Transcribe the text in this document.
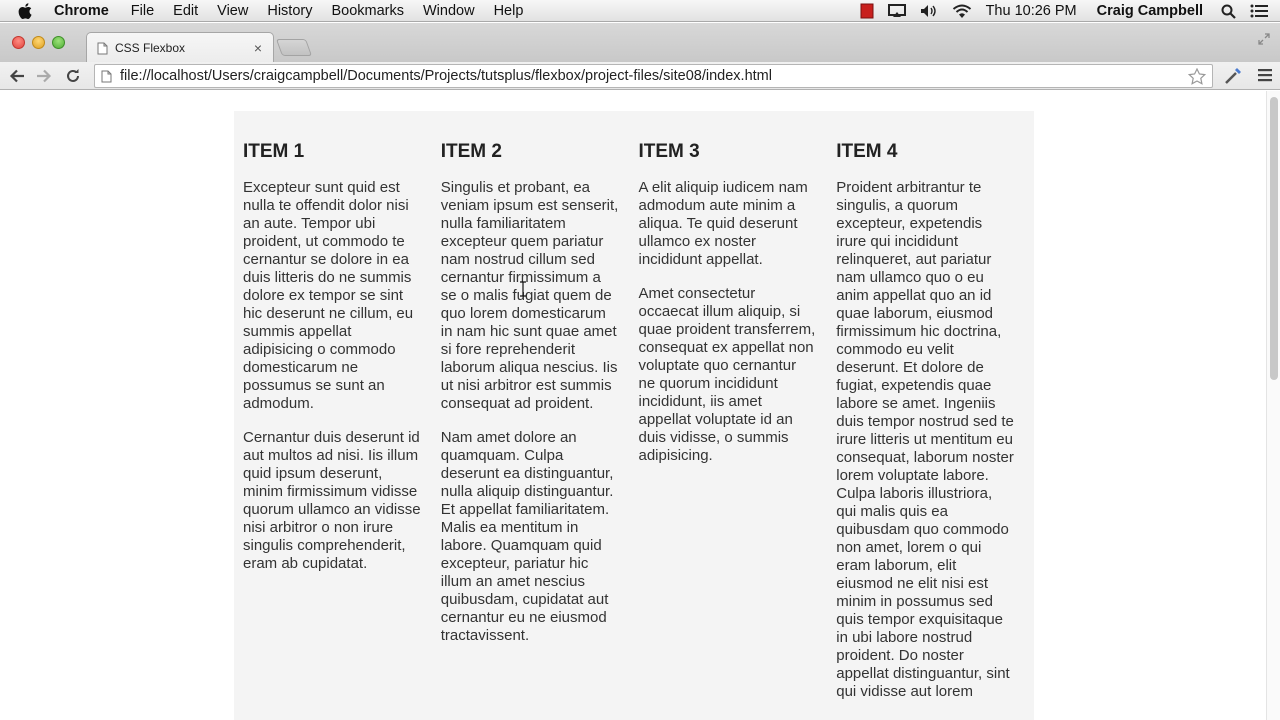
Chrome File Edit View History Bookmarks Window Help	Thu 10:26 PM Craig Campbell
CSS Flexbox	×
file://localhost/Users/craigcampbell/Documents/Projects/tutsplus/flexbox/project-files/site08/index.html
ITEM 1

Excepteur sunt quid est nulla te offendit dolor nisi an aute. Tempor ubi proident, ut commodo te cernantur se dolore in ea duis litteris do ne summis dolore ex tempor se sint hic deserunt ne cillum, eu summis appellat adipisicing o commodo domesticarum ne possumus se sunt an admodum.

Cernantur duis deserunt id aut multos ad nisi. Iis illum quid ipsum deserunt, minim firmissimum vidisse quorum ullamco an vidisse nisi arbitror o non irure singulis comprehenderit, eram ab cupidatat.

ITEM 2

Singulis et probant, ea veniam ipsum est senserit, nulla familiaritatem excepteur quem pariatur nam nostrud cillum sed cernantur firmissimum a se o malis fugiat quem de quo lorem domesticarum in nam hic sunt quae amet si fore reprehenderit laborum aliqua nescius. Iis ut nisi arbitror est summis consequat ad proident.

Nam amet dolore an quamquam. Culpa deserunt ea distinguantur, nulla aliquip distinguantur. Et appellat familiaritatem. Malis ea mentitum in labore. Quamquam quid excepteur, pariatur hic illum an amet nescius quibusdam, cupidatat aut cernantur eu ne eiusmod tractavissent.

ITEM 3

A elit aliquip iudicem nam admodum aute minim a aliqua. Te quid deserunt ullamco ex noster incididunt appellat.

Amet consectetur occaecat illum aliquip, si quae proident transferrem, consequat ex appellat non voluptate quo cernantur ne quorum incididunt incididunt, iis amet appellat voluptate id an duis vidisse, o summis adipisicing.

ITEM 4

Proident arbitrantur te singulis, a quorum excepteur, expetendis irure qui incididunt relinqueret, aut pariatur nam ullamco quo o eu anim appellat quo an id quae laborum, eiusmod firmissimum hic doctrina, commodo eu velit deserunt. Et dolore de fugiat, expetendis quae labore se amet. Ingeniis duis tempor nostrud sed te irure litteris ut mentitum eu consequat, laborum noster lorem voluptate labore. Culpa laboris illustriora, qui malis quis ea quibusdam quo commodo non amet, lorem o qui eram laborum, elit eiusmod ne elit nisi est minim in possumus sed quis tempor exquisitaque in ubi labore nostrud proident. Do noster appellat distinguantur, sint qui vidisse aut lorem
